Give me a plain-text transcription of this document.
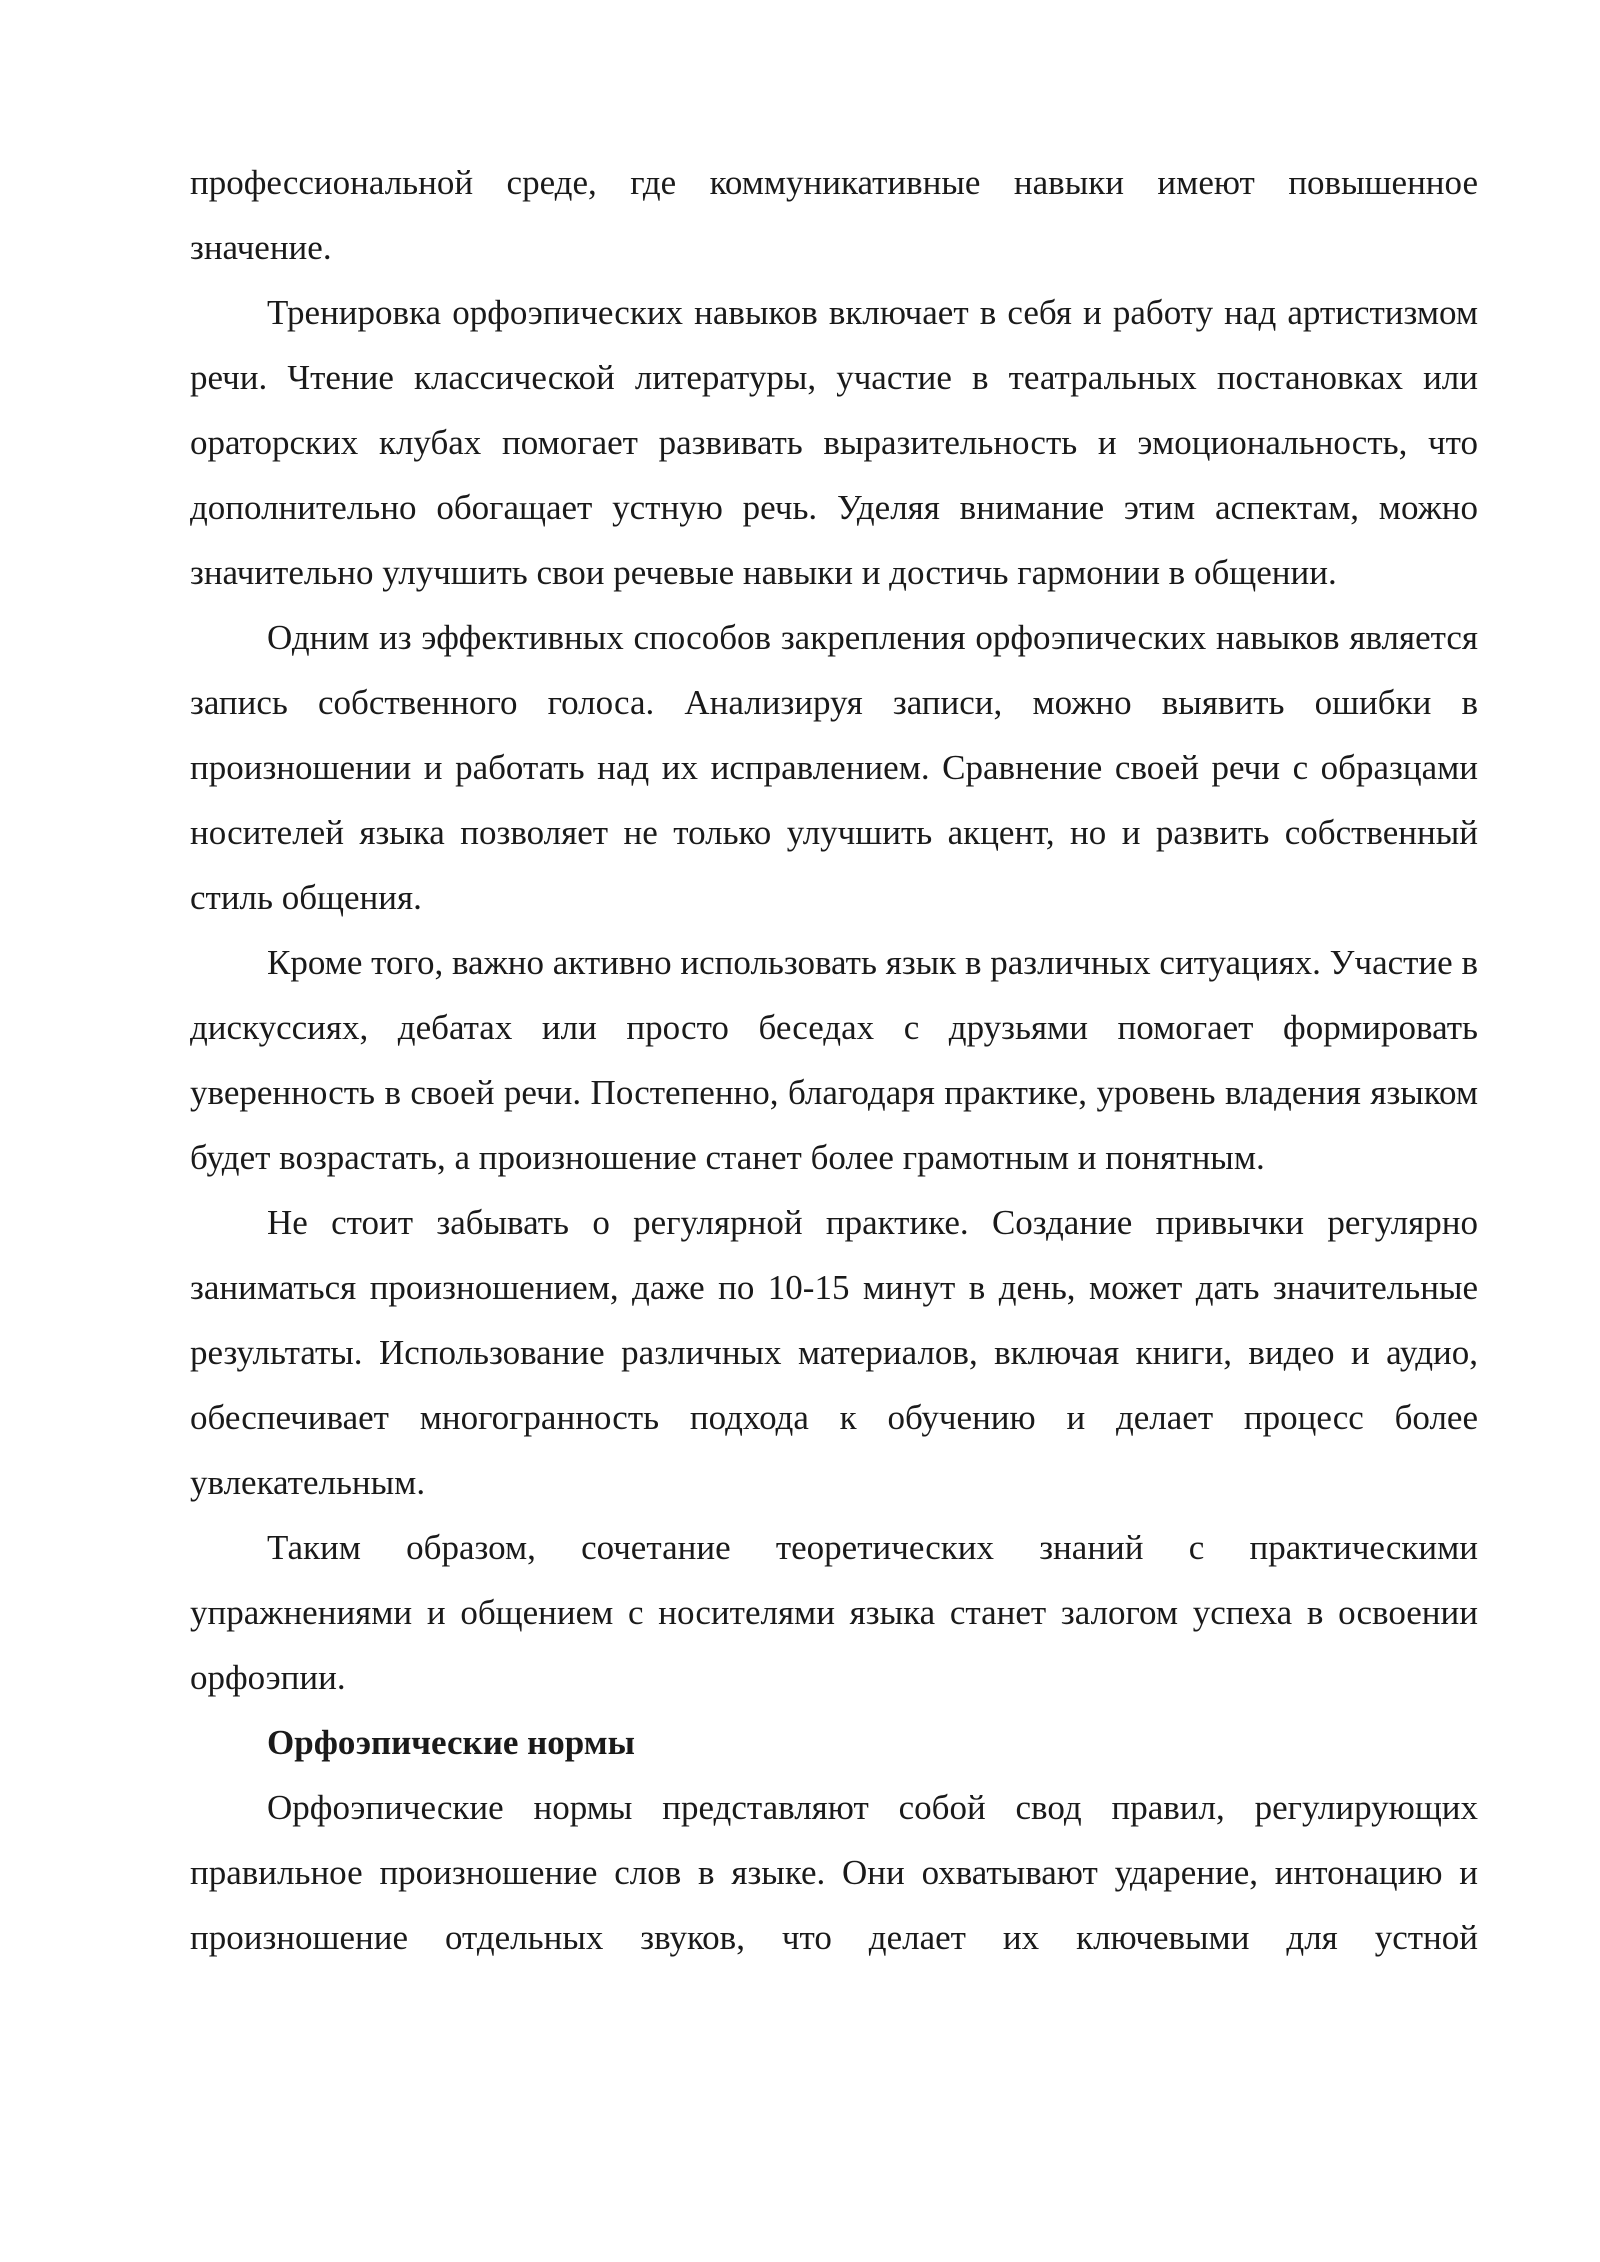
профессиональной среде, где коммуникативные навыки имеют повышенное значение.

Тренировка орфоэпических навыков включает в себя и работу над артистизмом речи. Чтение классической литературы, участие в театральных постановках или ораторских клубах помогает развивать выразительность и эмоциональность, что дополнительно обогащает устную речь. Уделяя внимание этим аспектам, можно значительно улучшить свои речевые навыки и достичь гармонии в общении.

Одним из эффективных способов закрепления орфоэпических навыков является запись собственного голоса. Анализируя записи, можно выявить ошибки в произношении и работать над их исправлением. Сравнение своей речи с образцами носителей языка позволяет не только улучшить акцент, но и развить собственный стиль общения.

Кроме того, важно активно использовать язык в различных ситуациях. Участие в дискуссиях, дебатах или просто беседах с друзьями помогает формировать уверенность в своей речи. Постепенно, благодаря практике, уровень владения языком будет возрастать, а произношение станет более грамотным и понятным.

Не стоит забывать о регулярной практике. Создание привычки регулярно заниматься произношением, даже по 10-15 минут в день, может дать значительные результаты. Использование различных материалов, включая книги, видео и аудио, обеспечивает многогранность подхода к обучению и делает процесс более увлекательным.

Таким образом, сочетание теоретических знаний с практическими упражнениями и общением с носителями языка станет залогом успеха в освоении орфоэпии.

Орфоэпические нормы

Орфоэпические нормы представляют собой свод правил, регулирующих правильное произношение слов в языке. Они охватывают ударение, интонацию и произношение отдельных звуков, что делает их ключевыми для устной
